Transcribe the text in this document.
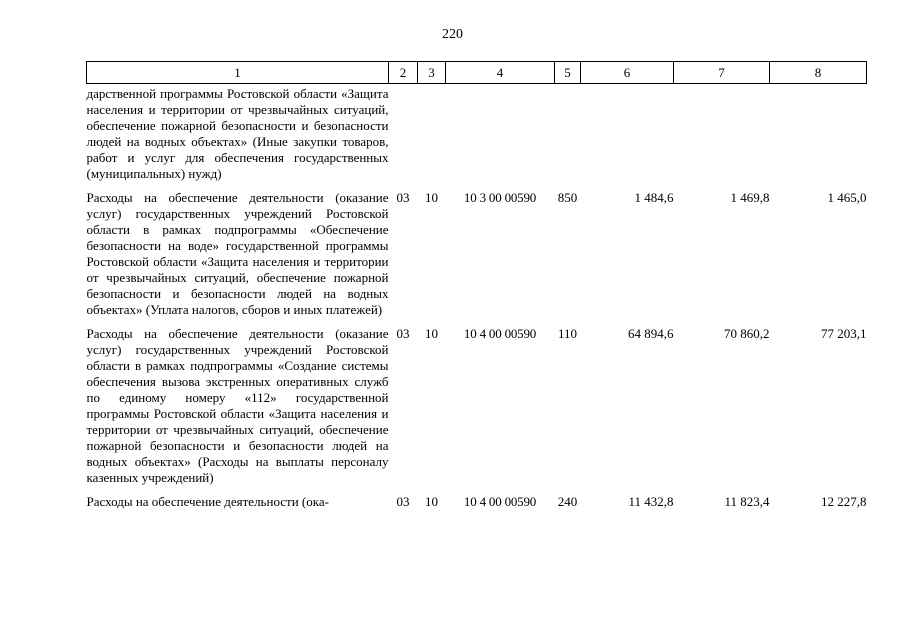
220
1	2	3	4	5	6	7	8
дарственной программы Ростовской области «Защита населения и территории от чрезвычайных ситуаций, обеспечение пожарной безопасности и безопасности людей на водных объектах» (Иные закупки товаров, работ и услуг для обеспечения государственных (муниципальных) нужд)							
Расходы на обеспечение деятельности (оказание услуг) государственных учреждений Ростовской области в рамках подпрограммы «Обеспечение безопасности на воде» государственной программы Ростовской области «Защита населения и территории от чрезвычайных ситуаций, обеспечение пожарной безопасности и безопасности людей на водных объектах» (Уплата налогов, сборов и иных платежей)	03	10	10 3 00 00590	850	1 484,6	1 469,8	1 465,0
Расходы на обеспечение деятельности (оказание услуг) государственных учреждений Ростовской области в рамках подпрограммы «Создание системы обеспечения вызова экстренных оперативных служб по единому номеру «112» государственной программы Ростовской области «Защита населения и территории от чрезвычайных ситуаций, обеспечение пожарной безопасности и безопасности людей на водных объектах» (Расходы на выплаты персоналу казенных учреждений)	03	10	10 4 00 00590	110	64 894,6	70 860,2	77 203,1
Расходы на обеспечение деятельности (ока-	03	10	10 4 00 00590	240	11 432,8	11 823,4	12 227,8
